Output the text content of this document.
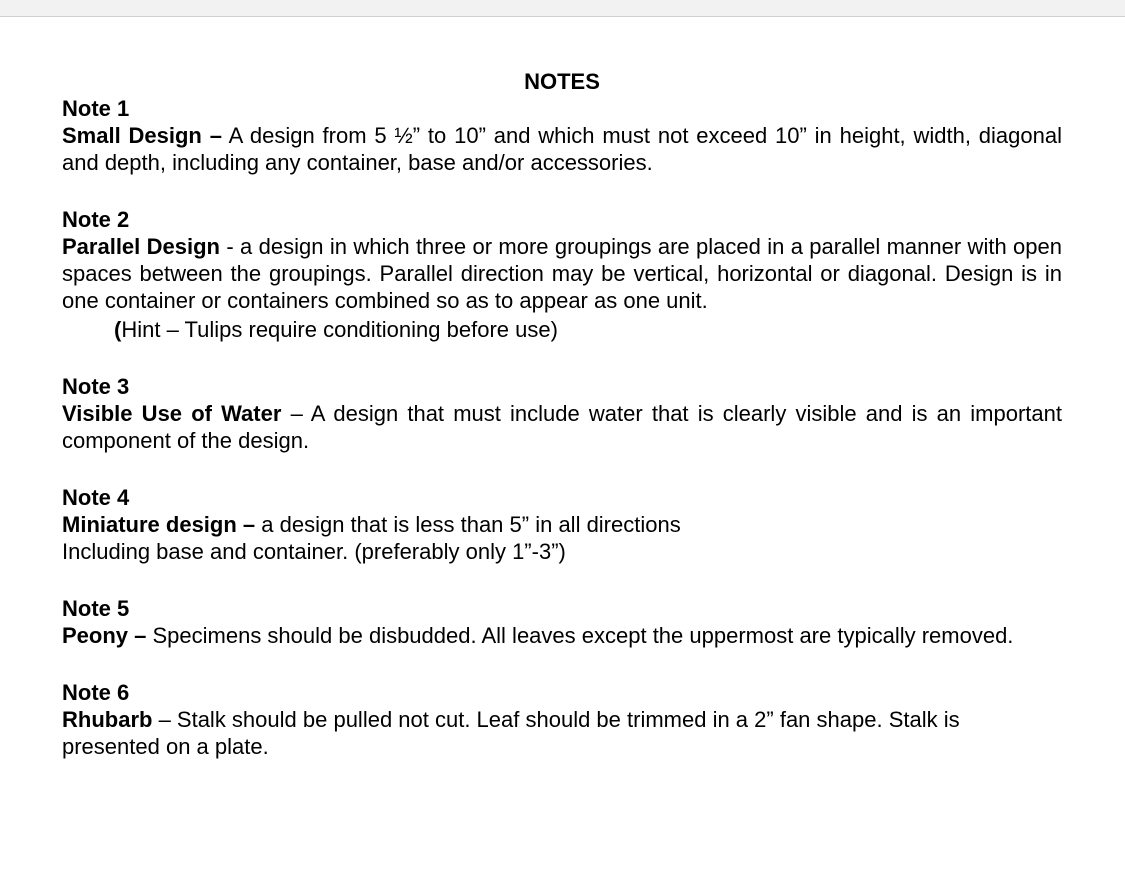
NOTES

Note 1
Small Design – A design from 5 ½” to 10” and which must not exceed 10” in height, width, diagonal and depth, including any container, base and/or accessories.
Note 2
Parallel Design - a design in which three or more groupings are placed in a parallel manner with open spaces between the groupings. Parallel direction may be vertical, horizontal or diagonal. Design is in one container or containers combined so as to appear as one unit.
(Hint – Tulips require conditioning before use)
Note 3
Visible Use of Water – A design that must include water that is clearly visible and is an important component of the design.
Note 4
Miniature design – a design that is less than 5” in all directions
Including base and container. (preferably only 1”-3”)
Note 5
Peony – Specimens should be disbudded. All leaves except the uppermost are typically removed.
Note 6
Rhubarb – Stalk should be pulled not cut. Leaf should be trimmed in a 2” fan shape. Stalk is presented on a plate.
